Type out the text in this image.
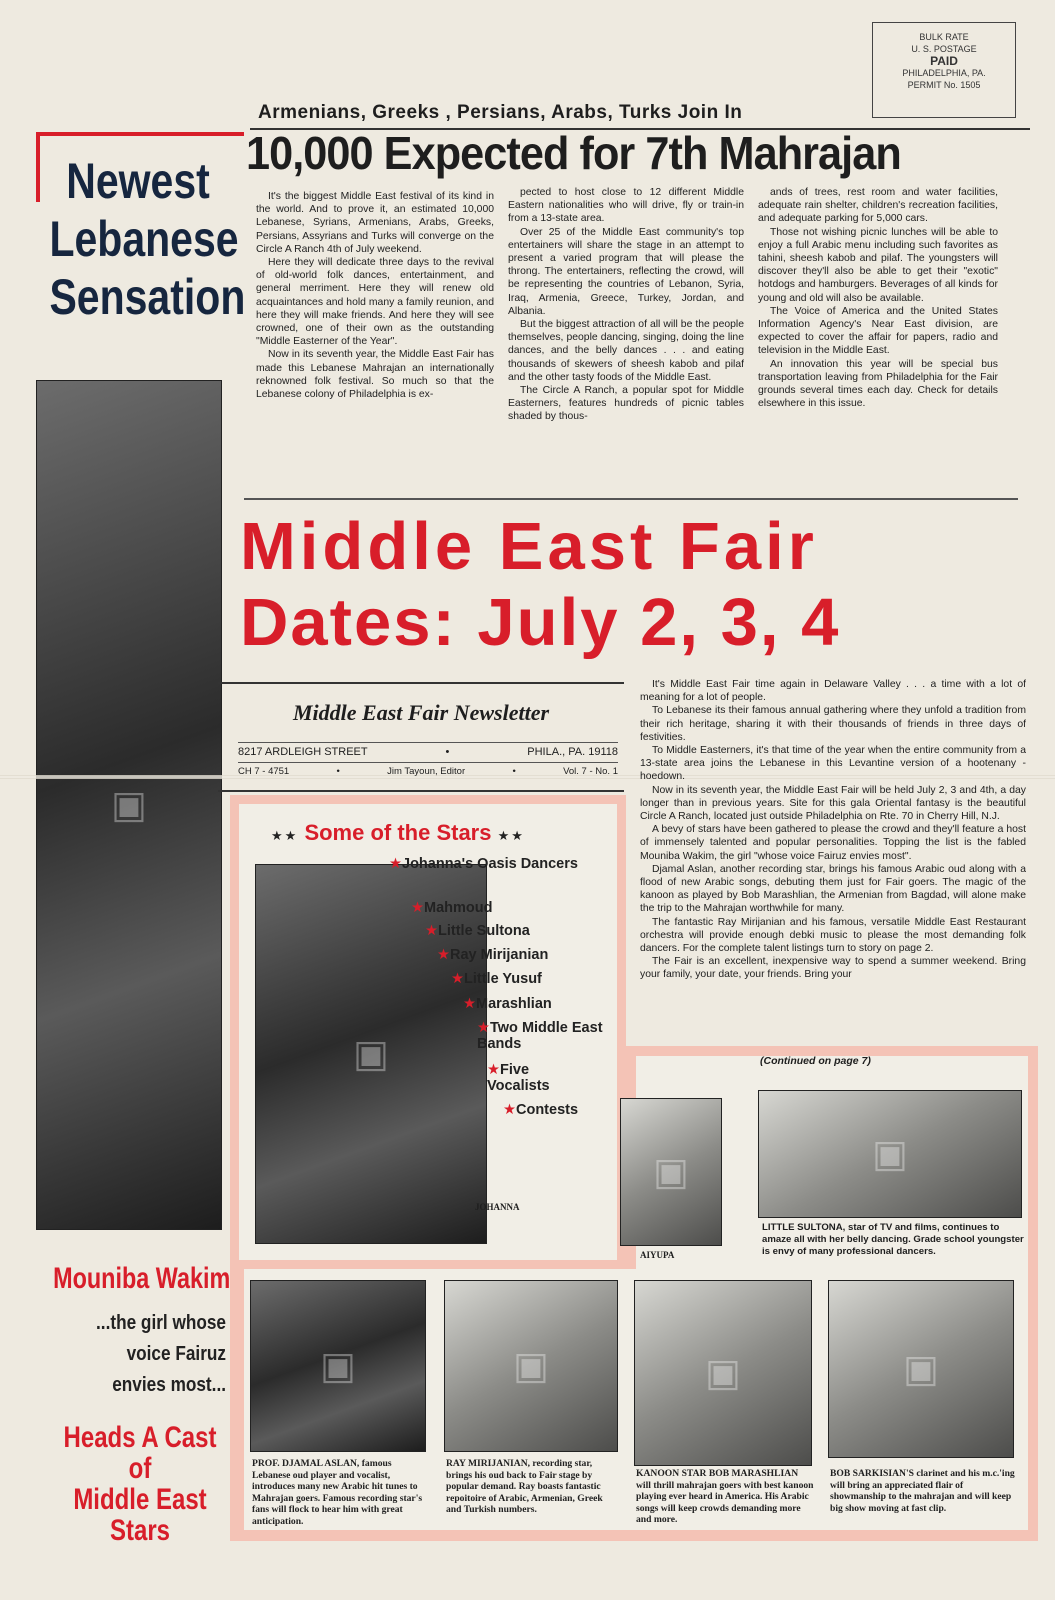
BULK RATE
U. S. POSTAGE
PAID
PHILADELPHIA, PA.
PERMIT No. 1505
Armenians, Greeks , Persians, Arabs, Turks Join In
10,000 Expected for 7th Mahrajan
Newest
Lebanese
Sensation
▣

It's the biggest Middle East festival of its kind in the world. And to prove it, an estimated 10,000 Lebanese, Syrians, Armenians, Arabs, Greeks, Persians, Assyrians and Turks will converge on the Circle A Ranch 4th of July weekend.

Here they will dedicate three days to the revival of old-world folk dances, entertainment, and general merriment. Here they will renew old acquaintances and hold many a family reunion, and here they will make friends. And here they will see crowned, one of their own as the outstanding "Middle Easterner of the Year".

Now in its seventh year, the Middle East Fair has made this Lebanese Mahrajan an internationally reknowned folk festival. So much so that the Lebanese colony of Philadelphia is ex-

pected to host close to 12 different Middle Eastern nationalities who will drive, fly or train-in from a 13-state area.

Over 25 of the Middle East community's top entertainers will share the stage in an attempt to present a varied program that will please the throng. The entertainers, reflecting the crowd, will be representing the countries of Lebanon, Syria, Iraq, Armenia, Greece, Turkey, Jordan, and Albania.

But the biggest attraction of all will be the people themselves, people dancing, singing, doing the line dances, and the belly dances . . . and eating thousands of skewers of sheesh kabob and pilaf and the other tasty foods of the Middle East.

The Circle A Ranch, a popular spot for Middle Easterners, features hundreds of picnic tables shaded by thous-

ands of trees, rest room and water facilities, adequate rain shelter, children's recreation facilities, and adequate parking for 5,000 cars.

Those not wishing picnic lunches will be able to enjoy a full Arabic menu including such favorites as tahini, sheesh kabob and pilaf. The youngsters will discover they'll also be able to get their "exotic" hotdogs and hamburgers. Beverages of all kinds for young and old will also be available.

The Voice of America and the United States Information Agency's Near East division, are expected to cover the affair for papers, radio and television in the Middle East.

An innovation this year will be special bus transportation leaving from Philadelphia for the Fair grounds several times each day. Check for details elsewhere in this issue.

Middle East Fair
Dates: July 2, 3, 4
Middle East Fair Newsletter
8217 ARDLEIGH STREET	•	PHILA., PA. 19118
CH 7 - 4751	•	Jim Tayoun, Editor	•	Vol. 7 - No. 1

It's Middle East Fair time again in Delaware Valley . . . a time with a lot of meaning for a lot of people.

To Lebanese its their famous annual gathering where they unfold a tradition from their rich heritage, sharing it with their thousands of friends in three days of festivities.

To Middle Easterners, it's that time of the year when the entire community from a 13-state area joins the Lebanese in this Levantine version of a hootenany - hoedown.

Now in its seventh year, the Middle East Fair will be held July 2, 3 and 4th, a day longer than in previous years. Site for this gala Oriental fantasy is the beautiful Circle A Ranch, located just outside Philadelphia on Rte. 70 in Cherry Hill, N.J.

A bevy of stars have been gathered to please the crowd and they'll feature a host of immensely talented and popular personalities. Topping the list is the fabled Mouniba Wakim, the girl "whose voice Fairuz envies most".

Djamal Aslan, another recording star, brings his famous Arabic oud along with a flood of new Arabic songs, debuting them just for Fair goers. The magic of the kanoon as played by Bob Marashlian, the Armenian from Bagdad, will alone make the trip to the Mahrajan worthwhile for many.

The fantastic Ray Mirijanian and his famous, versatile Middle East Restaurant orchestra will provide enough debki music to please the most demanding folk dancers. For the complete talent listings turn to story on page 2.

The Fair is an excellent, inexpensive way to spend a summer weekend. Bring your family, your date, your friends. Bring your

(Continued on page 7)
★★ Some of the Stars ★★
▣
★Johanna's Oasis Dancers
★Mahmoud
★Little Sultona
★Ray Mirijanian
★Little Yusuf
★Marashlian
★Two Middle East Bands
★Five Vocalists
★Contests
JOHANNA
▣
AIYUPA
▣
LITTLE SULTONA, star of TV and films, continues to amaze all with her belly dancing. Grade school youngster is envy of many professional dancers.
▣	▣	▣	▣
PROF. DJAMAL ASLAN, famous Lebanese oud player and vocalist, introduces many new Arabic hit tunes to Mahrajan goers. Famous recording star's fans will flock to hear him with great anticipation.
RAY MIRIJANIAN, recording star, brings his oud back to Fair stage by popular demand. Ray boasts fantastic repoitoire of Arabic, Armenian, Greek and Turkish numbers.
KANOON STAR BOB MARASHLIAN will thrill mahrajan goers with best kanoon playing ever heard in America. His Arabic songs will keep crowds demanding more and more.
BOB SARKISIAN'S clarinet and his m.c.'ing will bring an appreciated flair of showmanship to the mahrajan and will keep big show moving at fast clip.
Mouniba Wakim
...the girl whose
voice Fairuz
envies most...
Heads A Cast
of
Middle East
Stars
